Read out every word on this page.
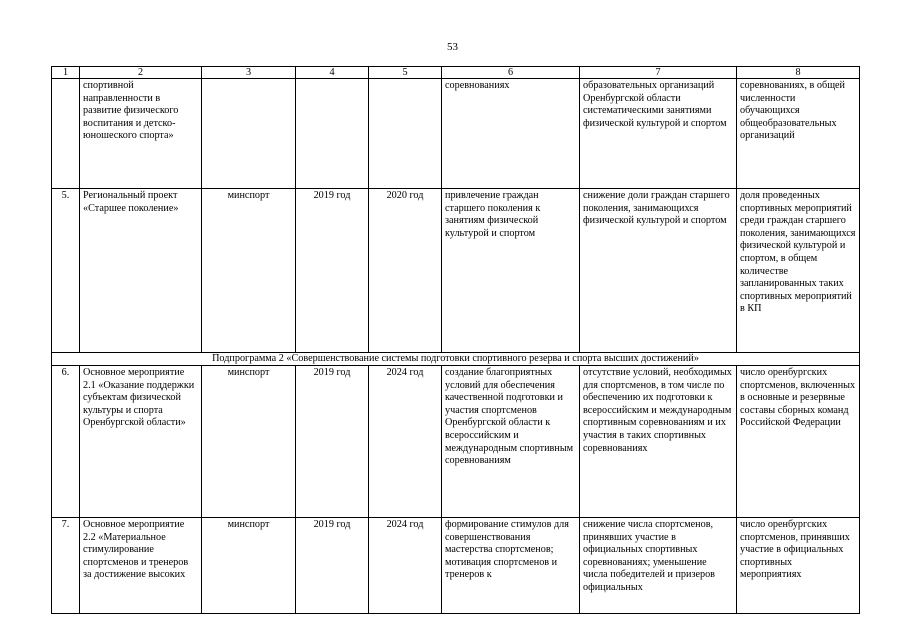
53
1	2	3	4	5	6	7	8
	спортивной направленности в развитие физического воспитания и детско-юношеского спорта»				соревнованиях	образовательных организаций Оренбургской области систематическими занятиями физической культурой и спортом	соревнованиях, в общей численности обучающихся общеобразовательных организаций
5.	Региональный проект «Старшее поколение»	минспорт	2019 год	2020 год	привлечение граждан старшего поколения к занятиям физической культурой и спортом	снижение доли граждан старшего поколения, занимающихся физической культурой и спортом	доля проведенных спортивных мероприятий среди граждан старшего поколения, занимающихся физической культурой и спортом, в общем количестве запланированных таких спортивных мероприятий в КП
Подпрограмма 2 «Совершенствование системы подготовки спортивного резерва и спорта высших достижений»							
6.	Основное мероприятие 2.1 «Оказание поддержки субъектам физической культуры и спорта Оренбургской области»	минспорт	2019 год	2024 год	создание благоприятных условий для обеспечения качественной подготовки и участия спортсменов Оренбургской области к всероссийским и международным спортивным соревнованиям	отсутствие условий, необходимых для спортсменов, в том числе по обеспечению их подготовки к всероссийским и международным спортивным соревнованиям и их участия в таких спортивных соревнованиях	число оренбургских спортсменов, включенных в основные и резервные составы сборных команд Российской Федерации
7.	Основное мероприятие 2.2 «Материальное стимулирование спортсменов и тренеров за достижение высоких	минспорт	2019 год	2024 год	формирование стимулов для совершенствования мастерства спортсменов; мотивация спортсменов и тренеров к	снижение числа спортсменов, принявших участие в официальных спортивных соревнованиях; уменьшение числа победителей и призеров официальных	число оренбургских спортсменов, принявших участие в официальных спортивных мероприятиях
